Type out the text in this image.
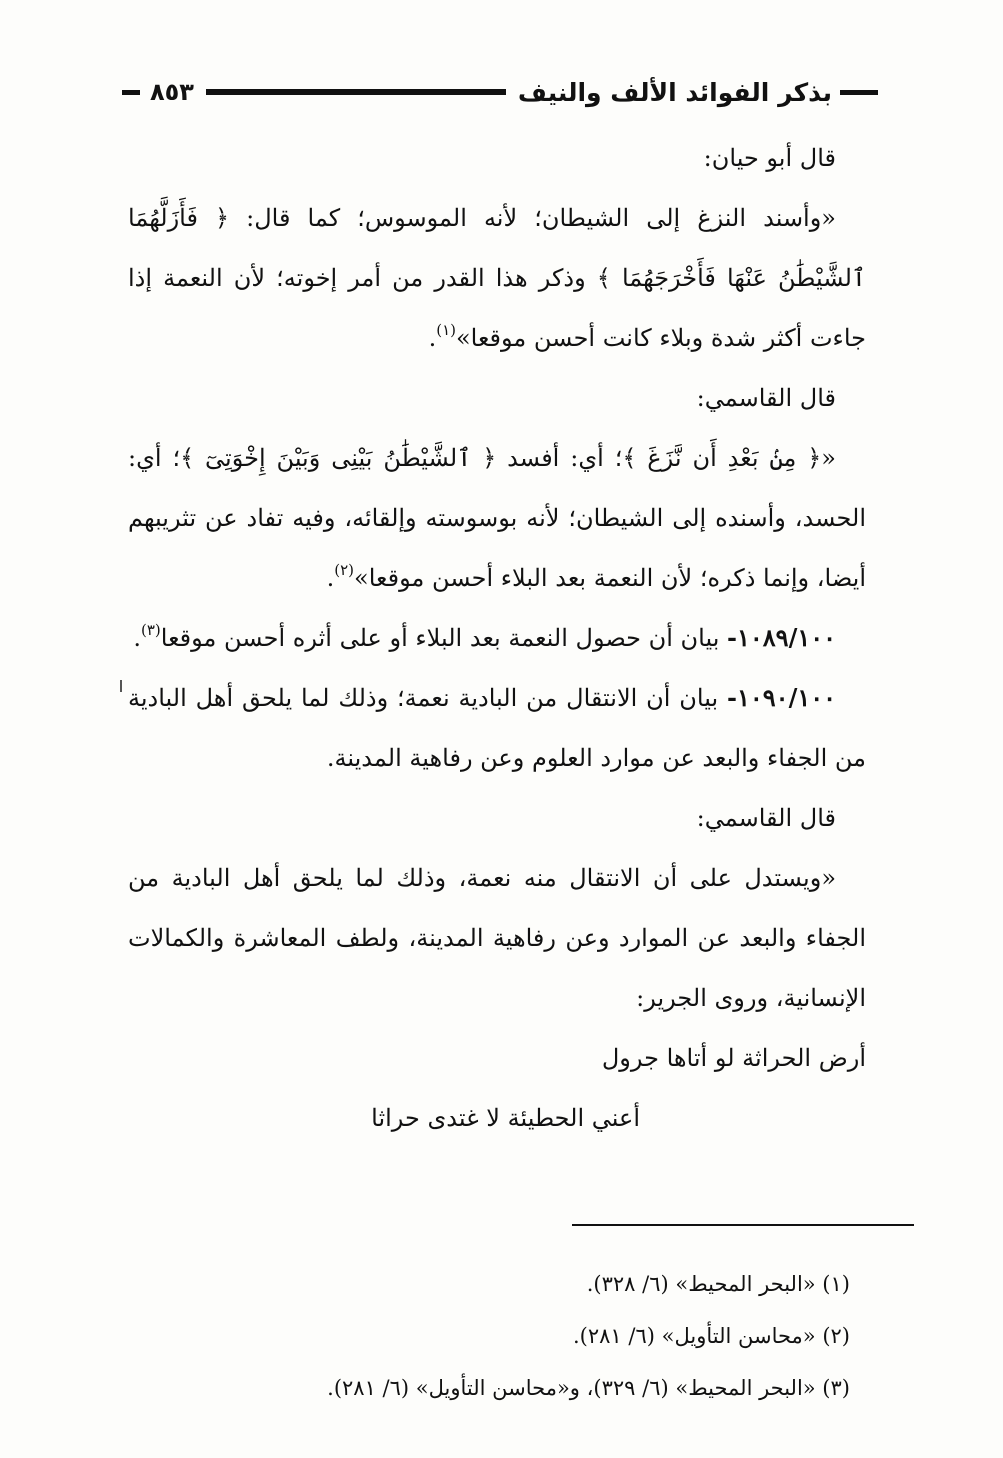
بذكر الفوائد الألف والنيف
٨٥٣

قال أبو حيان:

«وأسند النزغ إلى الشيطان؛ لأنه الموسوس؛ كما قال: ﴿ فَأَزَلَّهُمَا ٱلشَّيْطَٰنُ عَنْهَا فَأَخْرَجَهُمَا ﴾ وذكر هذا القدر من أمر إخوته؛ لأن النعمة إذا جاءت أكثر شدة وبلاء كانت أحسن موقعا»$^{(١)}$.

قال القاسمي:

«﴿ مِنۢ بَعْدِ أَن نَّزَغَ ﴾؛ أي: أفسد ﴿ ٱلشَّيْطَٰنُ بَيْنِى وَبَيْنَ إِخْوَتِىٓ ﴾؛ أي: الحسد، وأسنده إلى الشيطان؛ لأنه بوسوسته وإلقائه، وفيه تفاد عن تثريبهم أيضا، وإنما ذكره؛ لأن النعمة بعد البلاء أحسن موقعا»$^{(٢)}$.

١٠٨٩/١٠٠- بيان أن حصول النعمة بعد البلاء أو على أثره أحسن موقعا$^{(٣)}$.

١٠٩٠/١٠٠- بيان أن الانتقال من البادية نعمة؛ وذلك لما يلحق أهل البادية من الجفاء والبعد عن موارد العلوم وعن رفاهية المدينة.

قال القاسمي:

«ويستدل على أن الانتقال منه نعمة، وذلك لما يلحق أهل البادية من الجفاء والبعد عن الموارد وعن رفاهية المدينة، ولطف المعاشرة والكمالات الإنسانية، وروى الجرير:

أرض الحراثة لو أتاها جرول

أعني الحطيئة لا غتدى حراثا

(١) «البحر المحيط» (٦/ ٣٢٨).

(٢) «محاسن التأويل» (٦/ ٢٨١).

(٣) «البحر المحيط» (٦/ ٣٢٩)، و«محاسن التأويل» (٦/ ٢٨١).
